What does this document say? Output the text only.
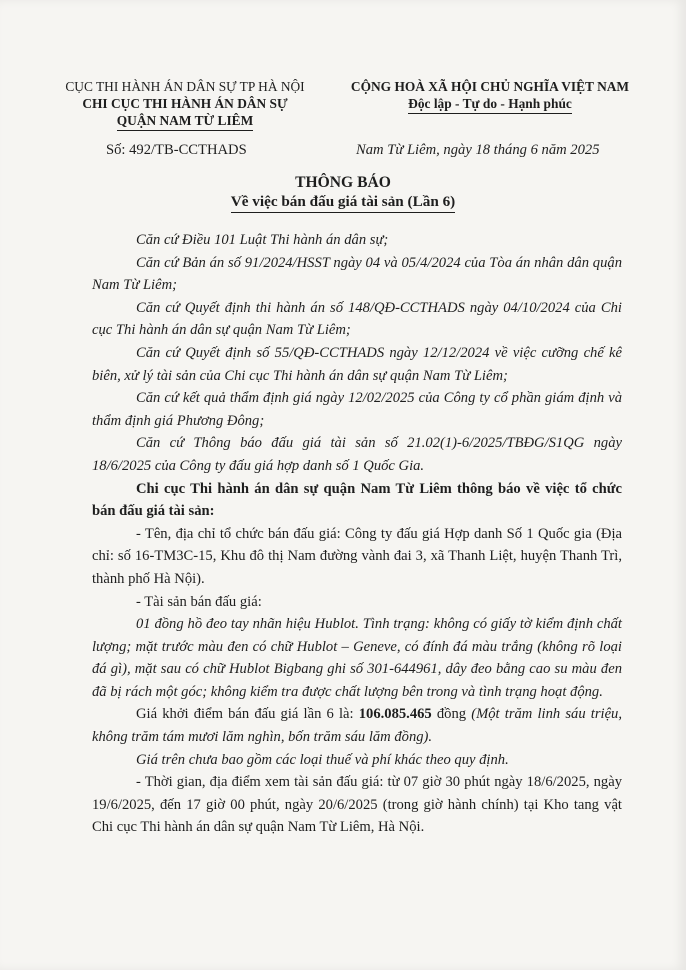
CỤC THI HÀNH ÁN DÂN SỰ TP HÀ NỘI
CHI CỤC THI HÀNH ÁN DÂN SỰ
QUẬN NAM TỪ LIÊM
CỘNG HOÀ XÃ HỘI CHỦ NGHĨA VIỆT NAM
Độc lập - Tự do - Hạnh phúc
Số: 492/TB-CCTHADS	Nam Từ Liêm, ngày 18 tháng 6 năm 2025
THÔNG BÁO
Về việc bán đấu giá tài sản (Lần 6)

Căn cứ Điều 101 Luật Thi hành án dân sự;

Căn cứ Bản án số 91/2024/HSST ngày 04 và 05/4/2024 của Tòa án nhân dân quận Nam Từ Liêm;

Căn cứ Quyết định thi hành án số 148/QĐ-CCTHADS ngày 04/10/2024 của Chi cục Thi hành án dân sự quận Nam Từ Liêm;

Căn cứ Quyết định số 55/QĐ-CCTHADS ngày 12/12/2024 về việc cưỡng chế kê biên, xử lý tài sản của Chi cục Thi hành án dân sự quận Nam Từ Liêm;

Căn cứ kết quả thẩm định giá ngày 12/02/2025 của Công ty cổ phần giám định và thẩm định giá Phương Đông;

Căn cứ Thông báo đấu giá tài sản số 21.02(1)-6/2025/TBĐG/S1QG ngày 18/6/2025 của Công ty đấu giá hợp danh số 1 Quốc Gia.

Chi cục Thi hành án dân sự quận Nam Từ Liêm thông báo về việc tổ chức bán đấu giá tài sản:

- Tên, địa chỉ tổ chức bán đấu giá: Công ty đấu giá Hợp danh Số 1 Quốc gia (Địa chỉ: số 16-TM3C-15, Khu đô thị Nam đường vành đai 3, xã Thanh Liệt, huyện Thanh Trì, thành phố Hà Nội).

- Tài sản bán đấu giá:

01 đồng hồ đeo tay nhãn hiệu Hublot. Tình trạng: không có giấy tờ kiểm định chất lượng; mặt trước màu đen có chữ Hublot – Geneve, có đính đá màu trắng (không rõ loại đá gì), mặt sau có chữ Hublot Bigbang ghi số 301-644961, dây đeo bằng cao su màu đen đã bị rách một góc; không kiểm tra được chất lượng bên trong và tình trạng hoạt động.

Giá khởi điểm bán đấu giá lần 6 là: 106.085.465 đồng (Một trăm linh sáu triệu, không trăm tám mươi lăm nghìn, bốn trăm sáu lăm đồng).

Giá trên chưa bao gồm các loại thuế và phí khác theo quy định.

- Thời gian, địa điểm xem tài sản đấu giá: từ 07 giờ 30 phút ngày 18/6/2025, ngày 19/6/2025, đến 17 giờ 00 phút, ngày 20/6/2025 (trong giờ hành chính) tại Kho tang vật Chi cục Thi hành án dân sự quận Nam Từ Liêm, Hà Nội.
